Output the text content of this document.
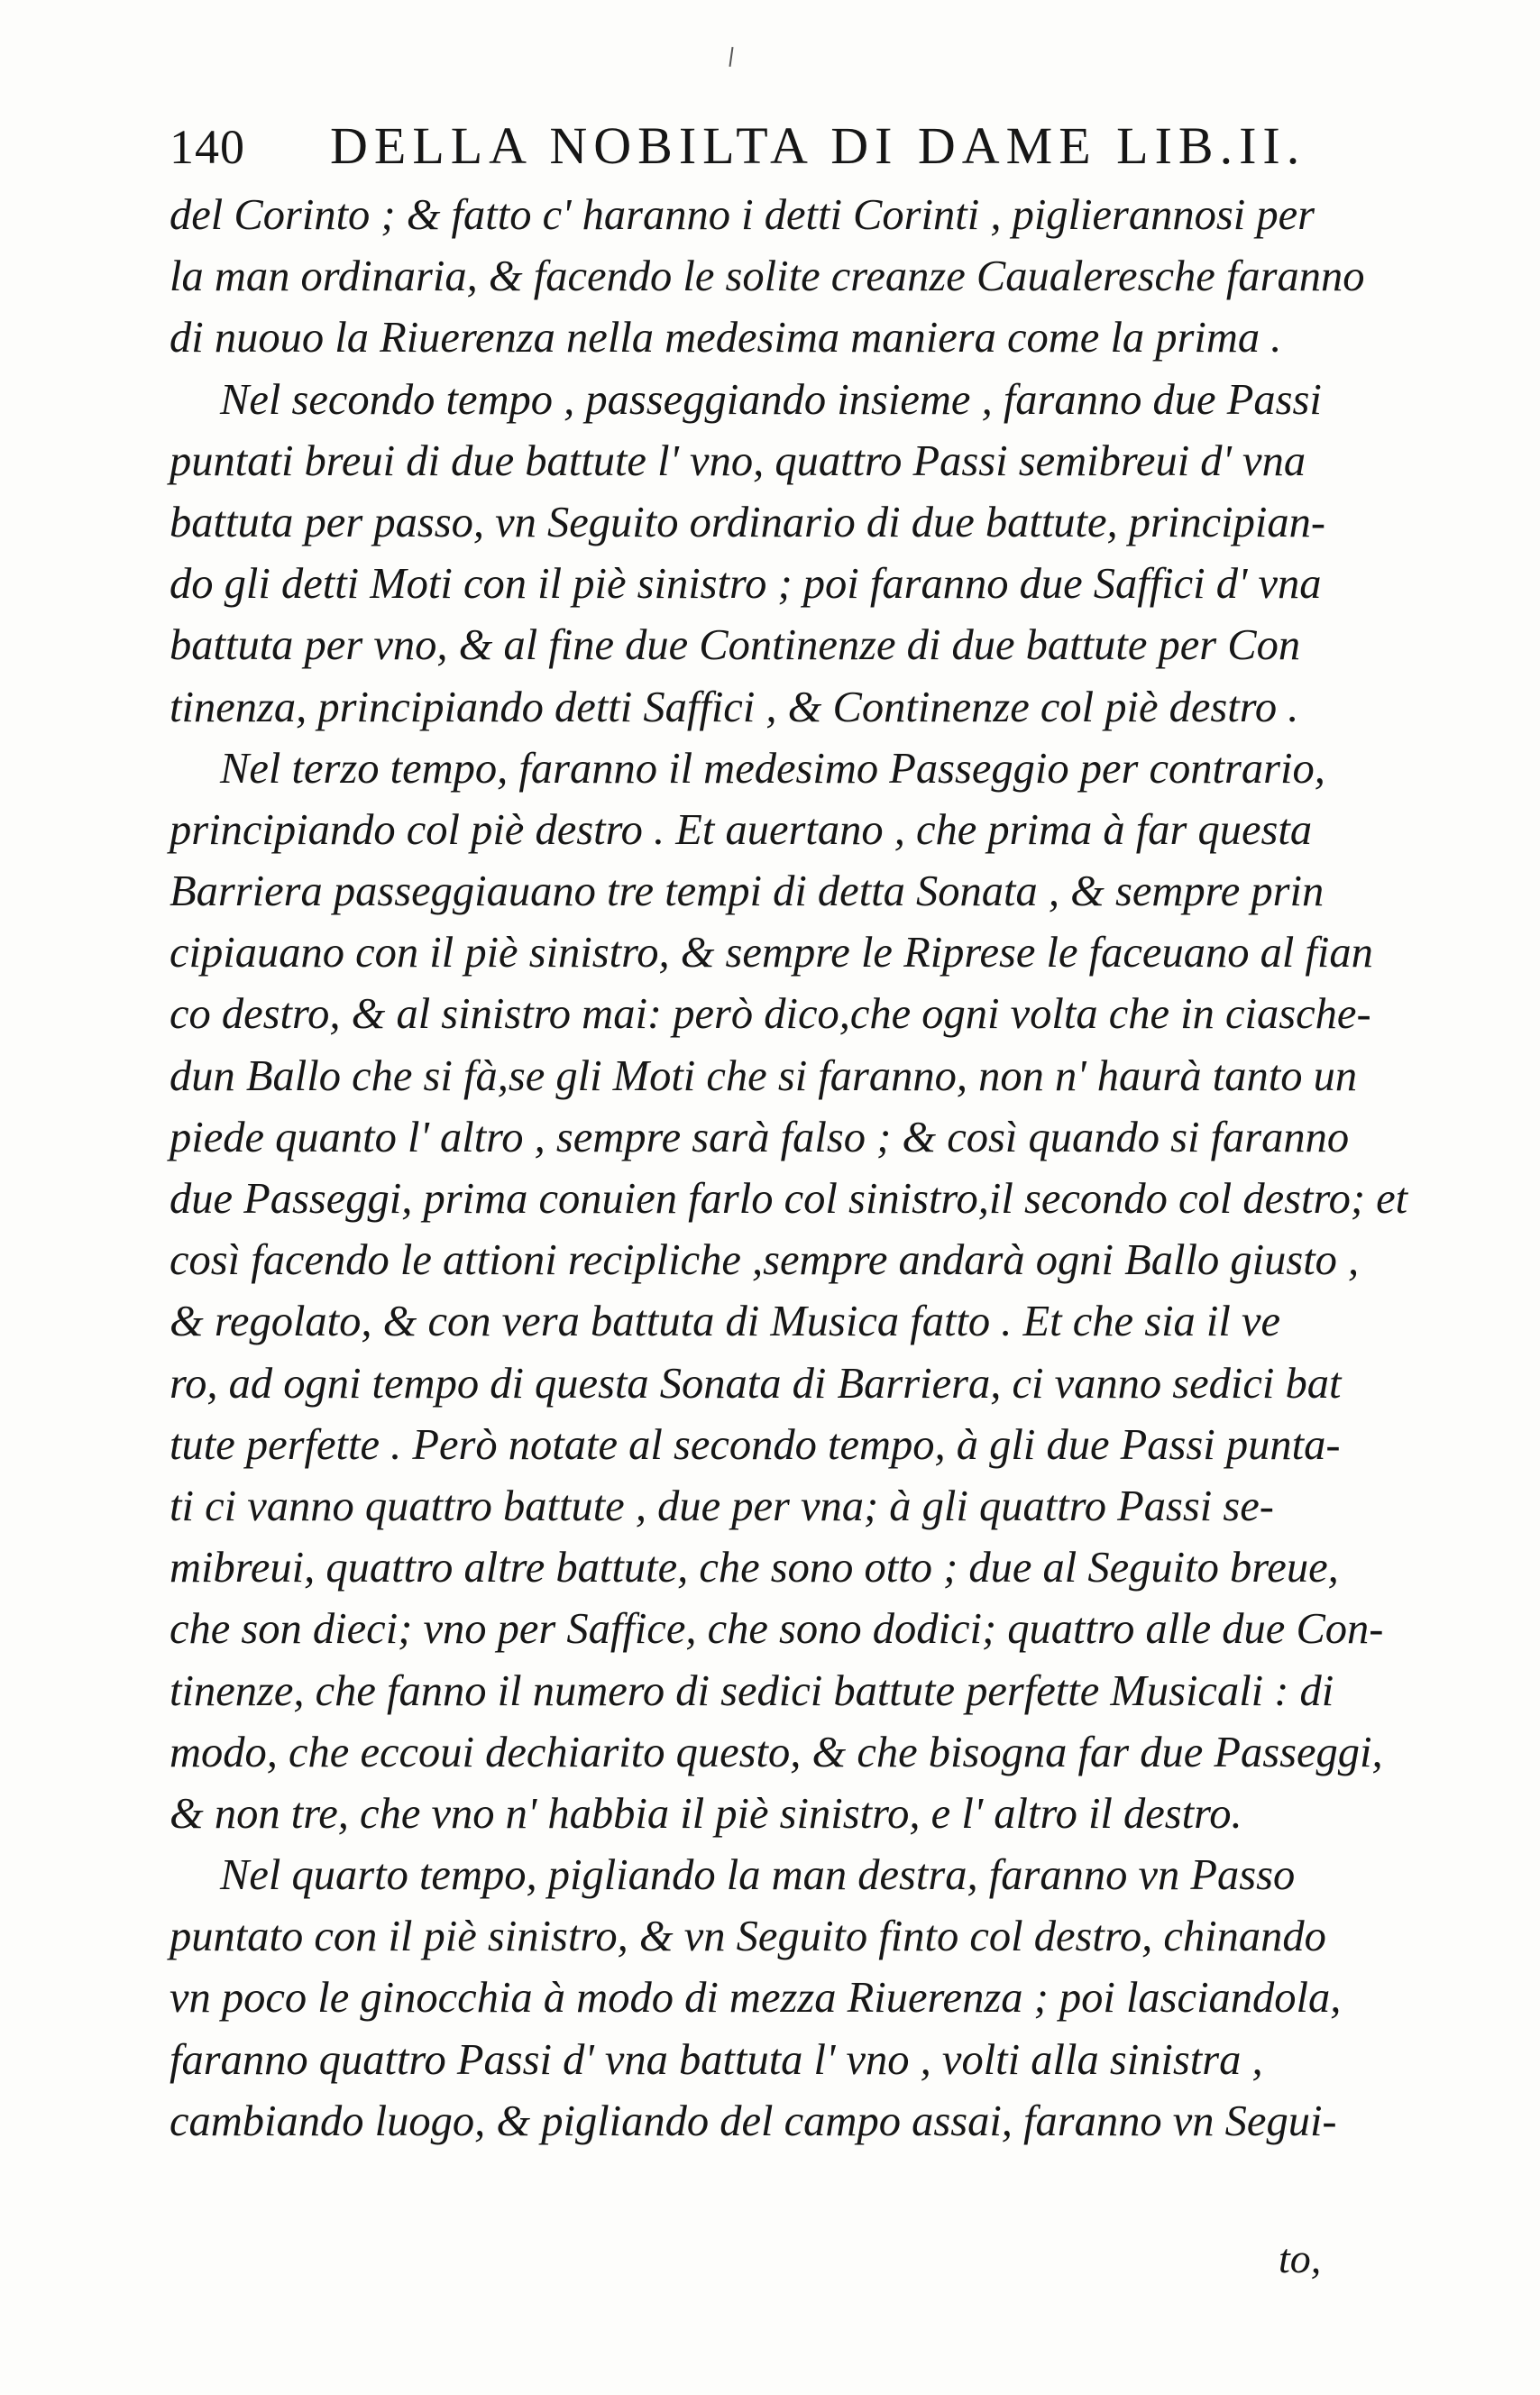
140 DELLA NOBILTA DI DAME LIB.II.
del Corinto ; & fatto c' haranno i detti Corinti , piglierannosi per
la man ordinaria, & facendo le solite creanze Caualeresche faranno
di nuouo la Riuerenza nella medesima maniera come la prima .
Nel secondo tempo , passeggiando insieme , faranno due Passi
puntati breui di due battute l' vno, quattro Passi semibreui d' vna
battuta per passo, vn Seguito ordinario di due battute, principian-
do gli detti Moti con il piè sinistro ; poi faranno due Saffici d' vna
battuta per vno, & al fine due Continenze di due battute per Con
tinenza, principiando detti Saffici , & Continenze col piè destro .
Nel terzo tempo, faranno il medesimo Passeggio per contrario,
principiando col piè destro . Et auertano , che prima à far questa
Barriera passeggiauano tre tempi di detta Sonata , & sempre prin
cipiauano con il piè sinistro, & sempre le Riprese le faceuano al fian
co destro, & al sinistro mai: però dico,che ogni volta che in ciasche-
dun Ballo che si fà,se gli Moti che si faranno, non n' haurà tanto un
piede quanto l' altro , sempre sarà falso ; & così quando si faranno
due Passeggi, prima conuien farlo col sinistro,il secondo col destro; et
così facendo le attioni recipliche ,sempre andarà ogni Ballo giusto ,
& regolato, & con vera battuta di Musica fatto . Et che sia il ve
ro, ad ogni tempo di questa Sonata di Barriera, ci vanno sedici bat
tute perfette . Però notate al secondo tempo, à gli due Passi punta-
ti ci vanno quattro battute , due per vna; à gli quattro Passi se-
mibreui, quattro altre battute, che sono otto ; due al Seguito breue,
che son dieci; vno per Saffice, che sono dodici; quattro alle due Con-
tinenze, che fanno il numero di sedici battute perfette Musicali : di
modo, che eccoui dechiarito questo, & che bisogna far due Passeggi,
& non tre, che vno n' habbia il piè sinistro, e l' altro il destro.
Nel quarto tempo, pigliando la man destra, faranno vn Passo
puntato con il piè sinistro, & vn Seguito finto col destro, chinando
vn poco le ginocchia à modo di mezza Riuerenza ; poi lasciandola,
faranno quattro Passi d' vna battuta l' vno , volti alla sinistra ,
cambiando luogo, & pigliando del campo assai, faranno vn Segui-
to,
